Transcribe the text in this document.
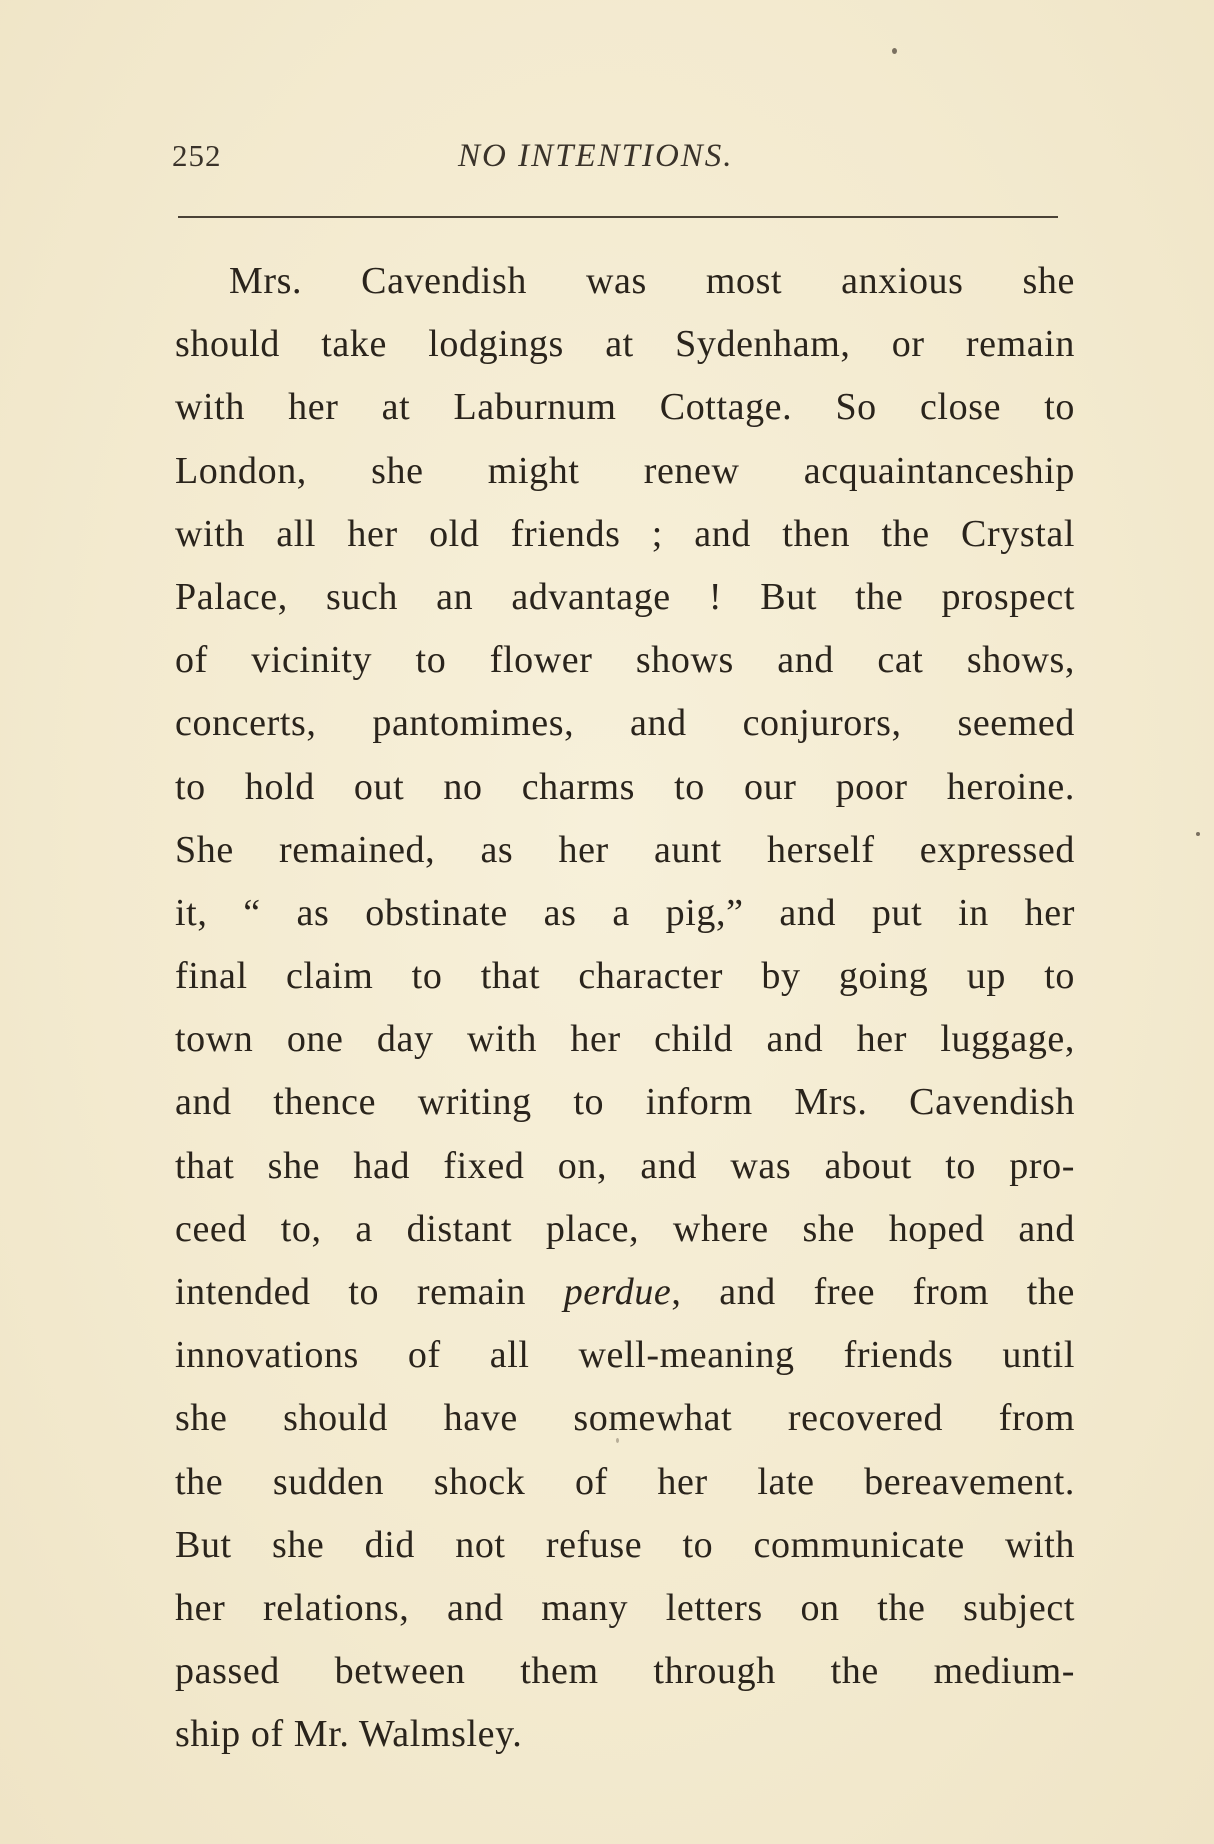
252	NO INTENTIONS.
Mrs. Cavendish was most anxious she
should take lodgings at Sydenham, or remain
with her at Laburnum Cottage. So close to
London, she might renew acquaintanceship
with all her old friends ; and then the Crystal
Palace, such an advantage ! But the prospect
of vicinity to flower shows and cat shows,
concerts, pantomimes, and conjurors, seemed
to hold out no charms to our poor heroine.
She remained, as her aunt herself expressed
it, “ as obstinate as a pig,” and put in her
final claim to that character by going up to
town one day with her child and her luggage,
and thence writing to inform Mrs. Cavendish
that she had fixed on, and was about to pro-
ceed to, a distant place, where she hoped and
intended to remain perdue, and free from the
innovations of all well-meaning friends until
she should have somewhat recovered from
the sudden shock of her late bereavement.
But she did not refuse to communicate with
her relations, and many letters on the subject
passed between them through the medium-
ship of Mr. Walmsley.
